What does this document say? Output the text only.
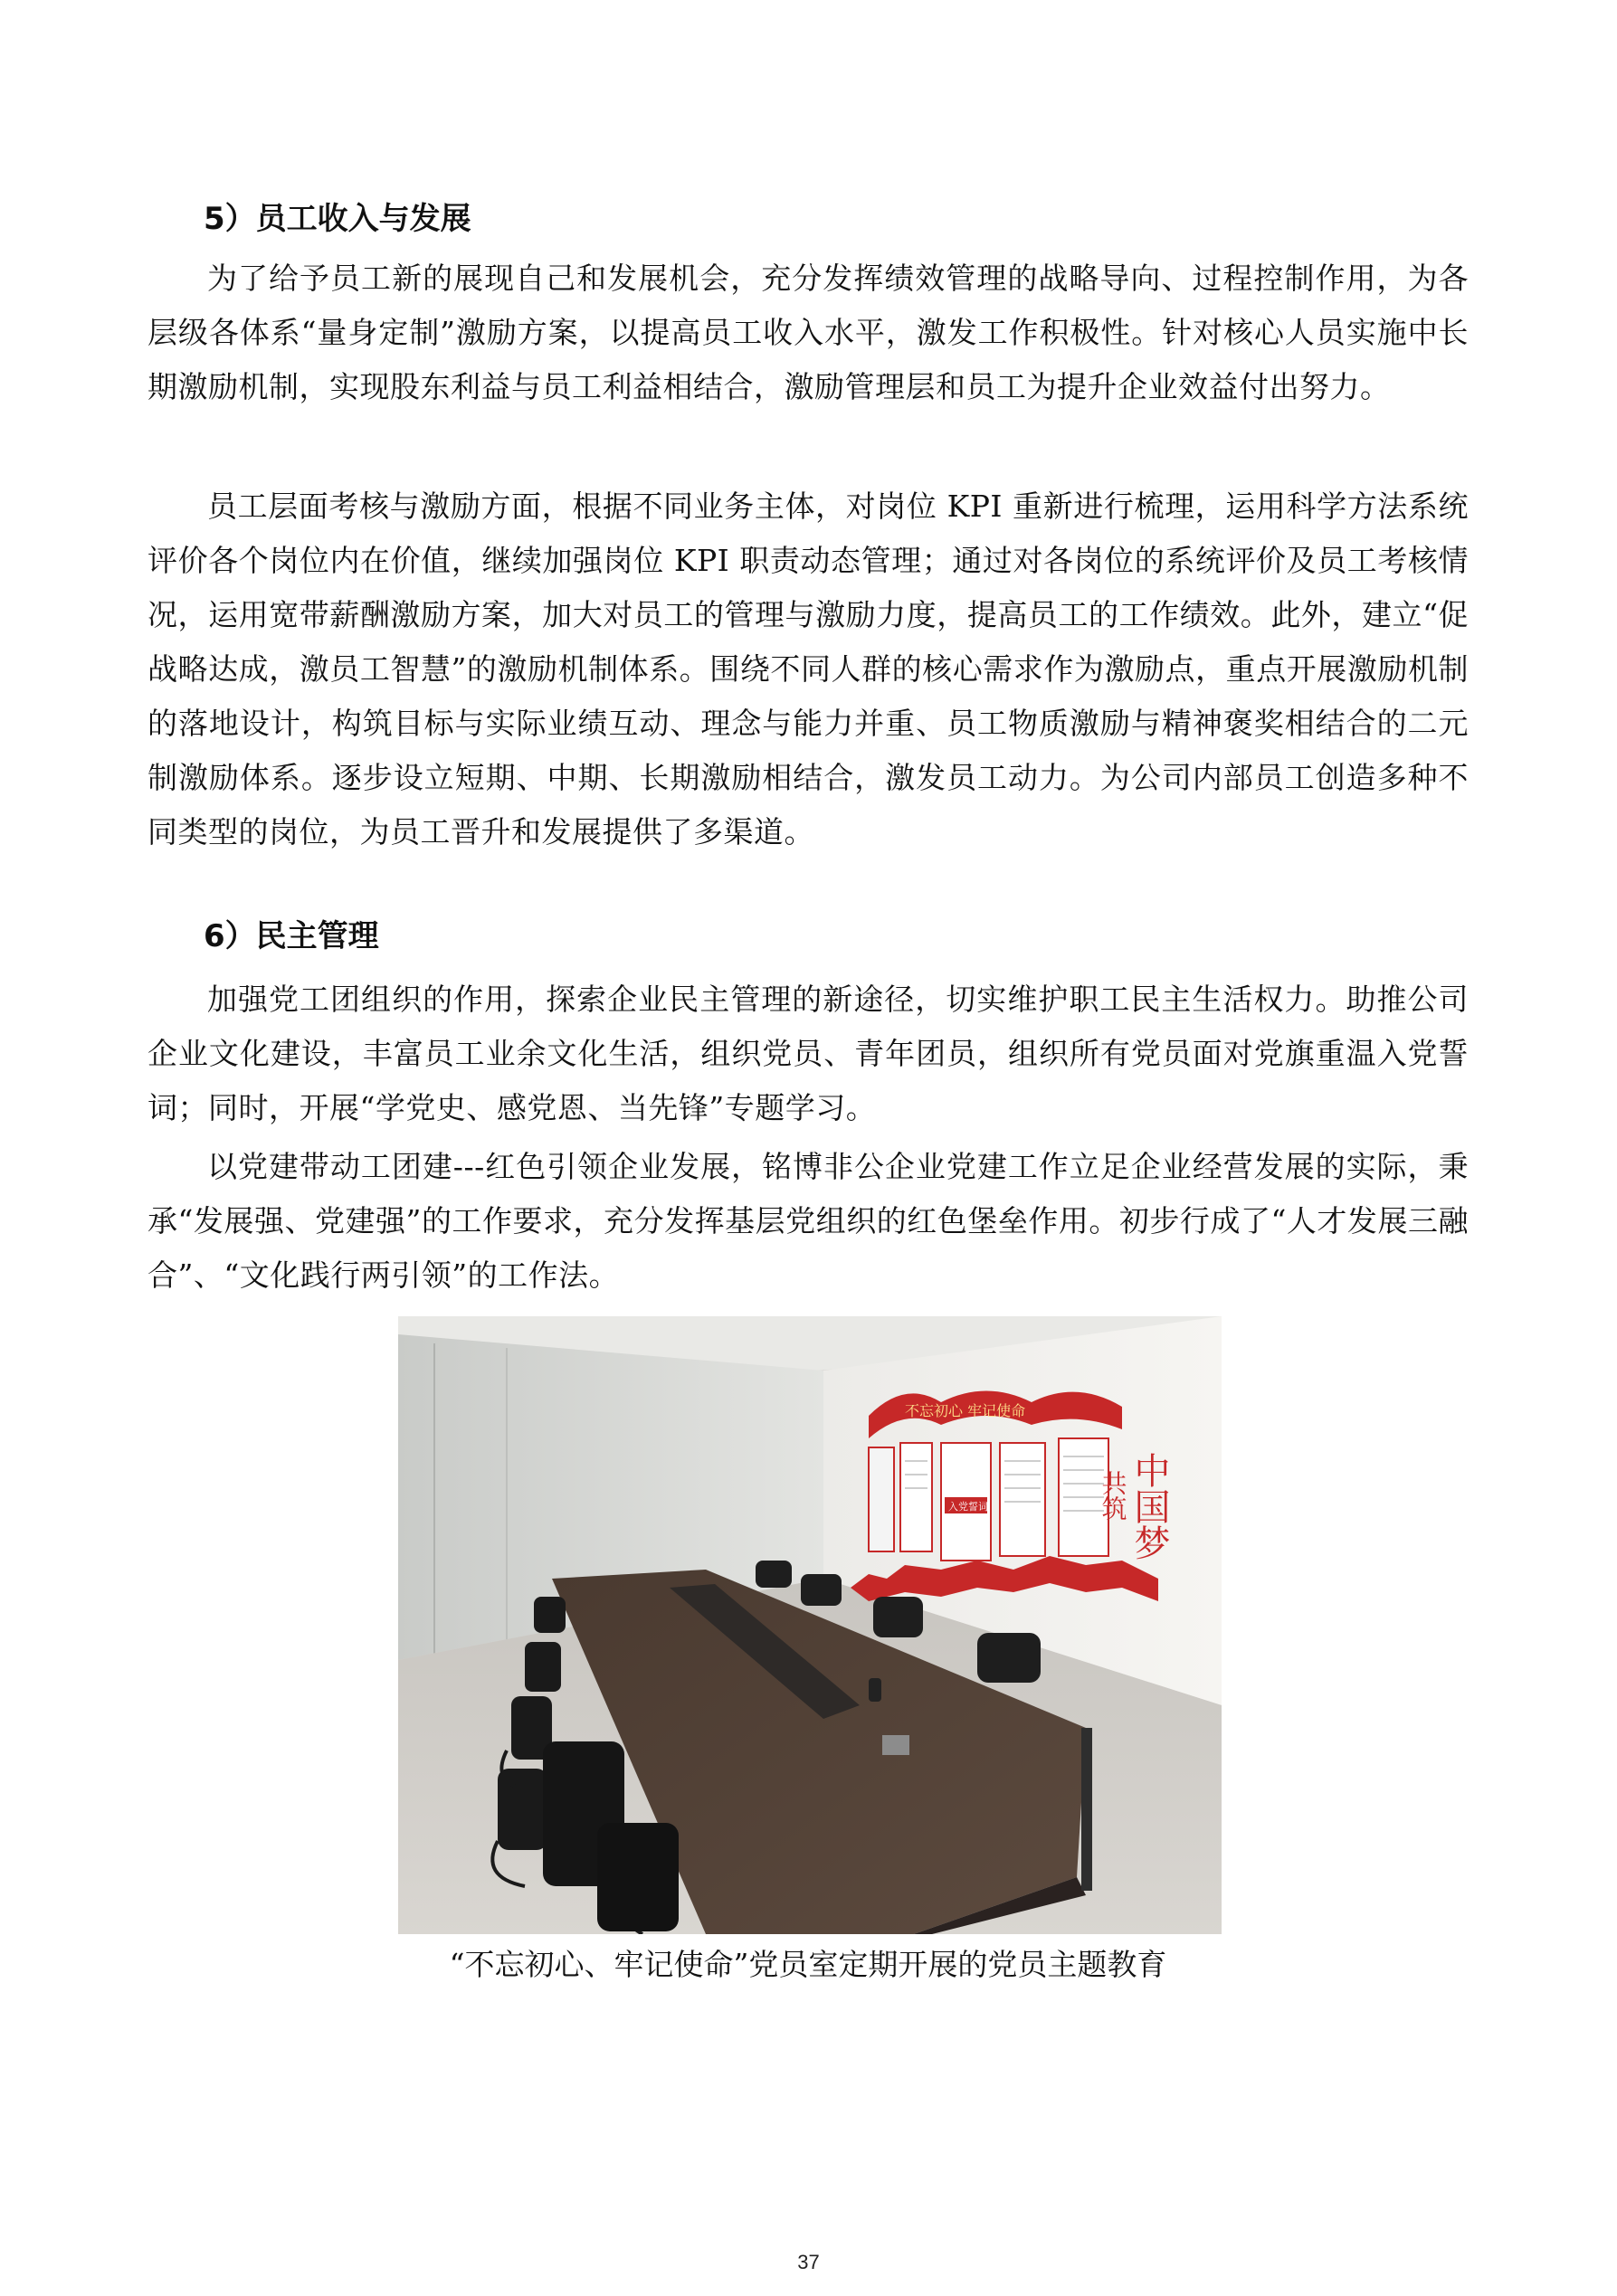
5）员工收入与发展

为了给予员工新的展现自己和发展机会，充分发挥绩效管理的战略导向、过程控制作用，为各层级各体系“量身定制”激励方案，以提高员工收入水平，激发工作积极性。针对核心人员实施中长期激励机制，实现股东利益与员工利益相结合，激励管理层和员工为提升企业效益付出努力。

员工层面考核与激励方面，根据不同业务主体，对岗位 KPI 重新进行梳理，运用科学方法系统评价各个岗位内在价值，继续加强岗位 KPI 职责动态管理；通过对各岗位的系统评价及员工考核情况，运用宽带薪酬激励方案，加大对员工的管理与激励力度，提高员工的工作绩效。此外，建立“促战略达成，激员工智慧”的激励机制体系。围绕不同人群的核心需求作为激励点，重点开展激励机制的落地设计，构筑目标与实际业绩互动、理念与能力并重、员工物质激励与精神褒奖相结合的二元制激励体系。逐步设立短期、中期、长期激励相结合，激发员工动力。为公司内部员工创造多种不同类型的岗位，为员工晋升和发展提供了多渠道。

6）民主管理

加强党工团组织的作用，探索企业民主管理的新途径，切实维护职工民主生活权力。助推公司企业文化建设，丰富员工业余文化生活，组织党员、青年团员，组织所有党员面对党旗重温入党誓词；同时，开展“学党史、感党恩、当先锋”专题学习。

以党建带动工团建---红色引领企业发展，铭博非公企业党建工作立足企业经营发展的实际，秉承“发展强、党建强”的工作要求，充分发挥基层党组织的红色堡垒作用。初步行成了“人才发展三融合”、“文化践行两引领”的工作法。

不忘初心 牢记使命
入党誓词	中国梦
共筑

“不忘初心、牢记使命”党员室定期开展的党员主题教育

37
